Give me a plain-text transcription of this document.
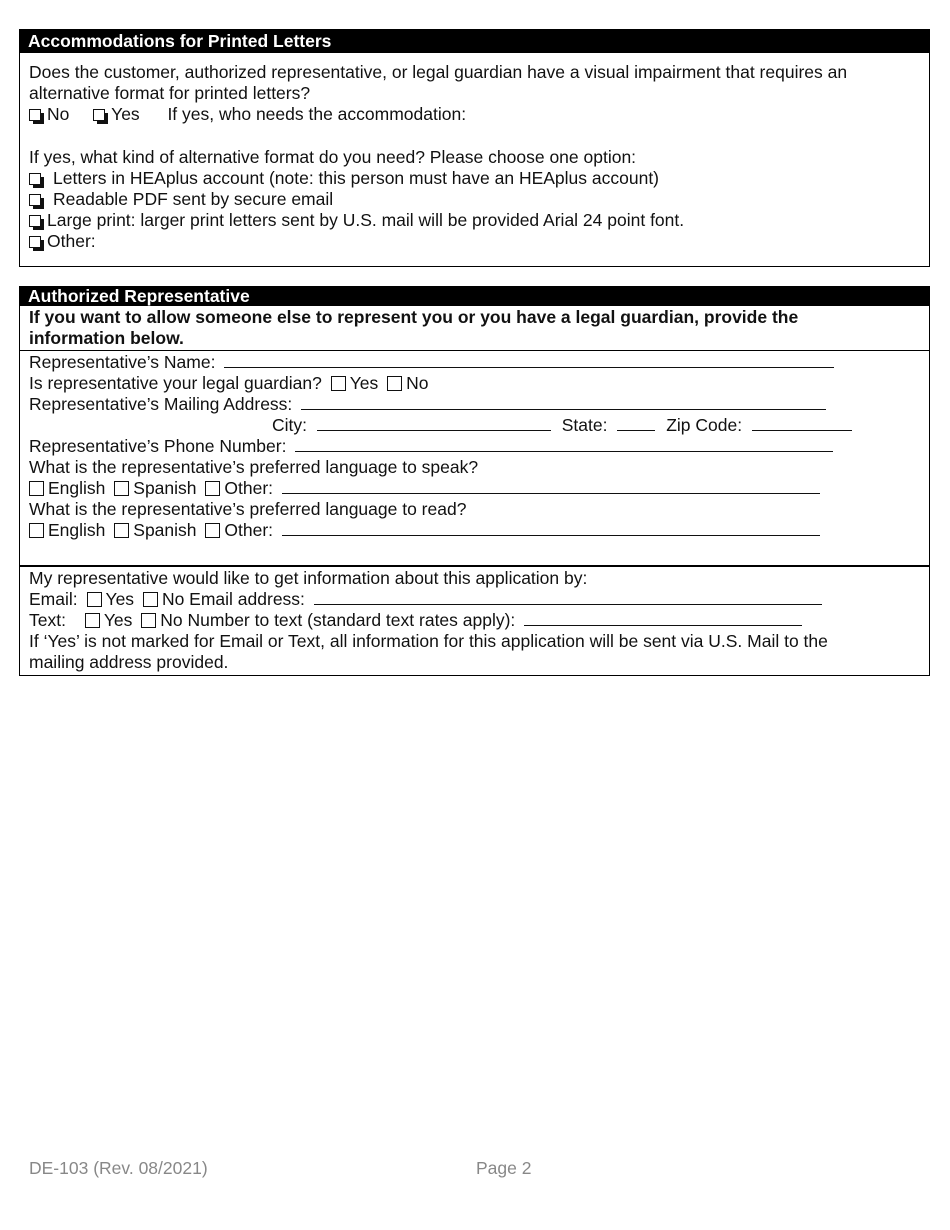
Accommodations for Printed Letters
Does the customer, authorized representative, or legal guardian have a visual impairment that requires an
alternative format for printed letters?
No Yes If yes, who needs the accommodation:
If yes, what kind of alternative format do you need? Please choose one option:
Letters in HEAplus account (note: this person must have an HEAplus account)
Readable PDF sent by secure email
Large print: larger print letters sent by U.S. mail will be provided Arial 24 point font.
Other:
Authorized Representative
If you want to allow someone else to represent you or you have a legal guardian, provide the
information below.
Representative’s Name:
Is representative your legal guardian? Yes No
Representative’s Mailing Address:
City:	State:	Zip Code:
Representative’s Phone Number:
What is the representative’s preferred language to speak?
English Spanish Other:
What is the representative’s preferred language to read?
English Spanish Other:
My representative would like to get information about this application by:
Email: Yes No Email address:
Text: Yes No Number to text (standard text rates apply):
If ‘Yes’ is not marked for Email or Text, all information for this application will be sent via U.S. Mail to the
mailing address provided.
DE-103 (Rev. 08/2021)	Page 2
